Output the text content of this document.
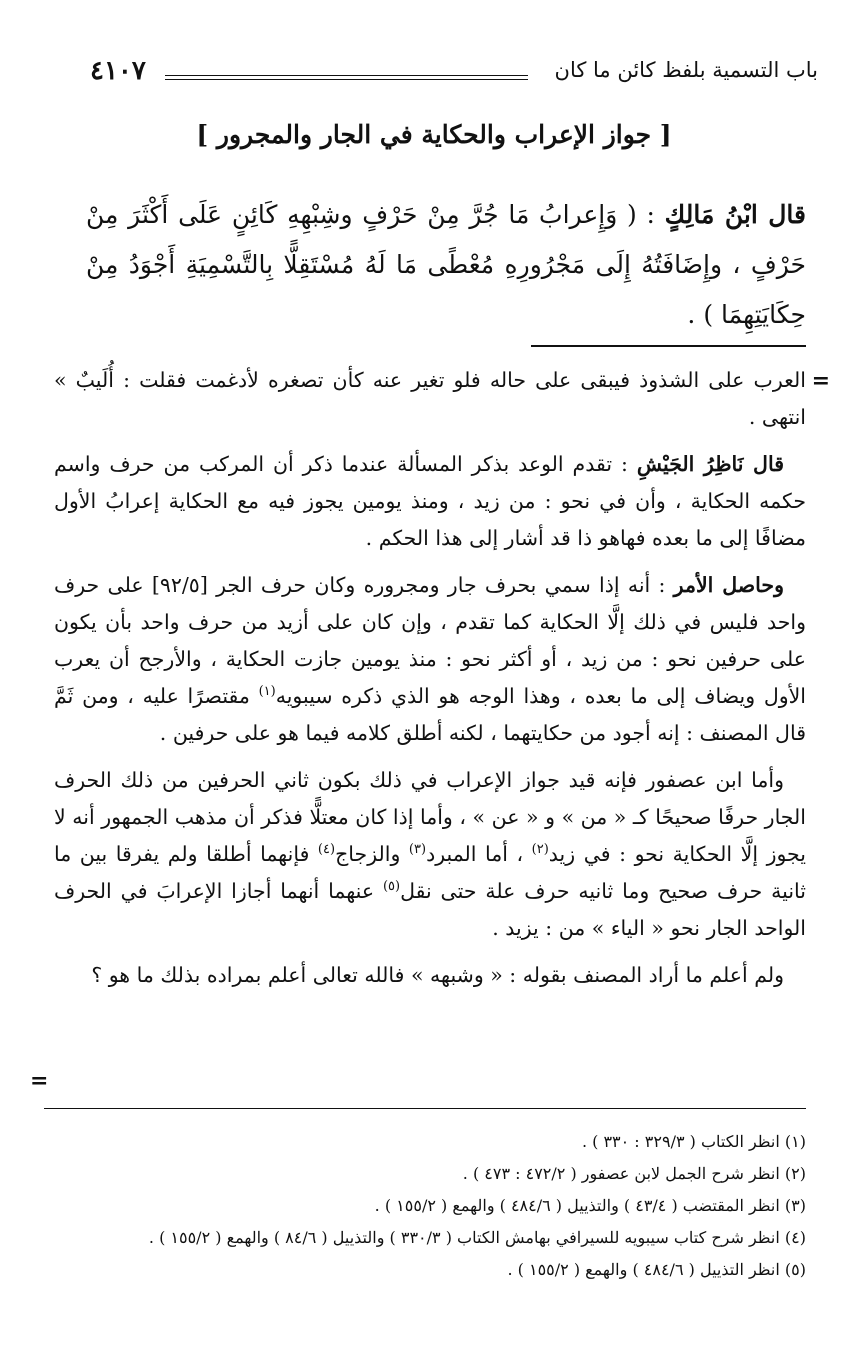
باب التسمية بلفظ كائن ما كان
٤١٠٧
[ جواز الإعراب والحكاية في الجار والمجرور ]
قال ابْنُ مَالِكٍ : ( وَإِعرابُ مَا جُرَّ مِنْ حَرْفٍ وشِبْهِهِ كَائِنٍ عَلَى أَكْثَرَ مِنْ حَرْفٍ ، وإِضَافَتُهُ إِلَى مَجْرُورِهِ مُعْطًى مَا لَهُ مُسْتَقِلًّا بِالتَّسْمِيَةِ أَجْوَدُ مِنْ حِكَايَتِهِمَا ) .
=

العرب على الشذوذ فيبقى على حاله فلو تغير عنه كأن تصغره لأدغمت فقلت : أُلَيبٌ » انتهى .

قال نَاظِرُ الجَيْشِ : تقدم الوعد بذكر المسألة عندما ذكر أن المركب من حرف واسم حكمه الحكاية ، وأن في نحو : من زيد ، ومنذ يومين يجوز فيه مع الحكاية إعرابُ الأول مضافًا إلى ما بعده فهاهو ذا قد أشار إلى هذا الحكم .

وحاصل الأمر : أنه إذا سمي بحرف جار ومجروره وكان حرف الجر [٩٢/٥] على حرف واحد فليس في ذلك إلَّا الحكاية كما تقدم ، وإن كان على أزيد من حرف واحد بأن يكون على حرفين نحو : من زيد ، أو أكثر نحو : منذ يومين جازت الحكاية ، والأرجح أن يعرب الأول ويضاف إلى ما بعده ، وهذا الوجه هو الذي ذكره سيبويه$^{(١)}$ مقتصرًا عليه ، ومن ثَمَّ قال المصنف : إنه أجود من حكايتهما ، لكنه أطلق كلامه فيما هو على حرفين .

وأما ابن عصفور فإنه قيد جواز الإعراب في ذلك بكون ثاني الحرفين من ذلك الحرف الجار حرفًا صحيحًا كـ « من » و « عن » ، وأما إذا كان معتلًّا فذكر أن مذهب الجمهور أنه لا يجوز إلَّا الحكاية نحو : في زيد$^{(٢)}$ ، أما المبرد$^{(٣)}$ والزجاج$^{(٤)}$ فإنهما أطلقا ولم يفرقا بين ما ثانية حرف صحيح وما ثانيه حرف علة حتى نقل$^{(٥)}$ عنهما أنهما أجازا الإعرابَ في الحرف الواحد الجار نحو « الياء » من : يزيد .

ولم أعلم ما أراد المصنف بقوله : « وشبهه » فالله تعالى أعلم بمراده بذلك ما هو ؟

=

(١) انظر الكتاب ( ٣٢٩/٣ : ٣٣٠ ) .

(٢) انظر شرح الجمل لابن عصفور ( ٤٧٢/٢ : ٤٧٣ ) .

(٣) انظر المقتضب ( ٤٣/٤ ) والتذييل ( ٤٨٤/٦ ) والهمع ( ١٥٥/٢ ) .

(٤) انظر شرح كتاب سيبويه للسيرافي بهامش الكتاب ( ٣٣٠/٣ ) والتذييل ( ٨٤/٦ ) والهمع ( ١٥٥/٢ ) .

(٥) انظر التذييل ( ٤٨٤/٦ ) والهمع ( ١٥٥/٢ ) .
